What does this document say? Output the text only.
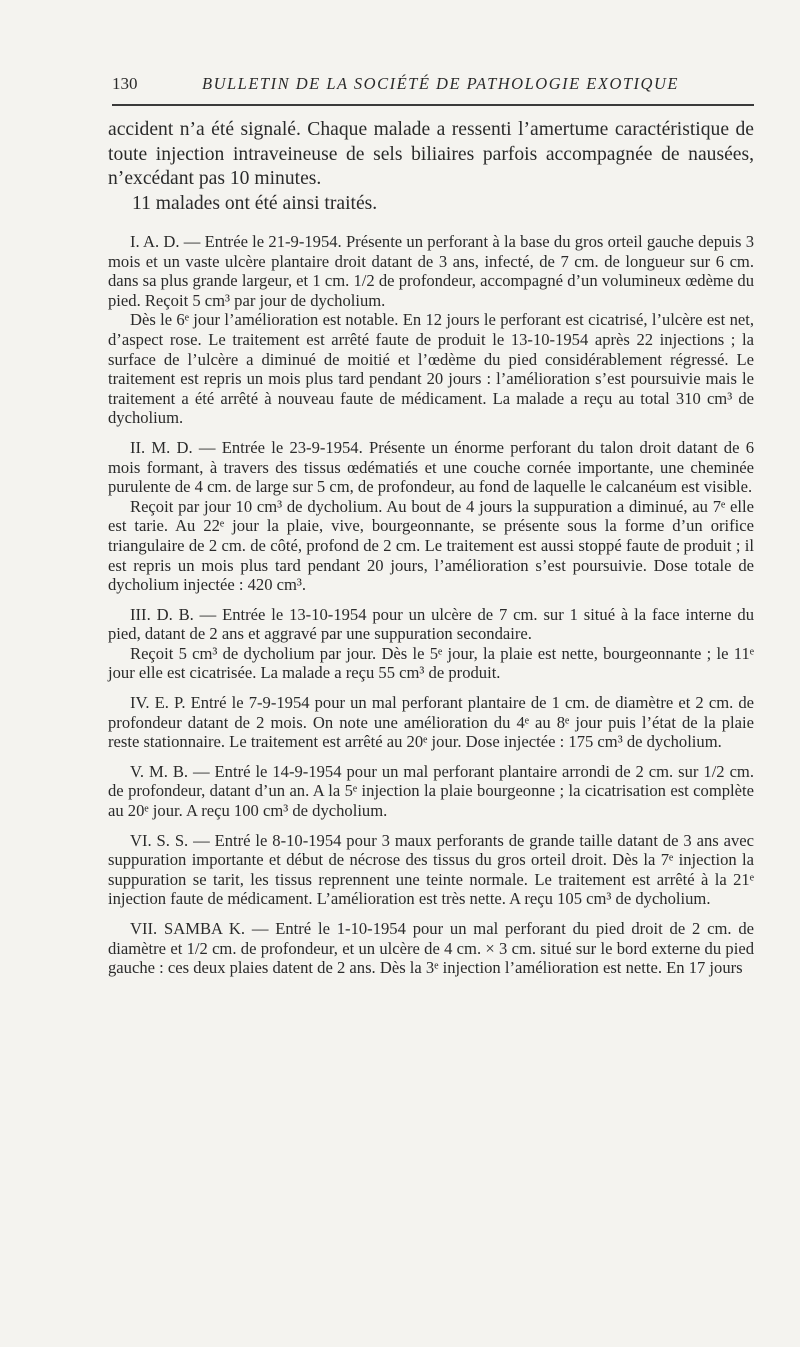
130	BULLETIN DE LA SOCIÉTÉ DE PATHOLOGIE EXOTIQUE

accident n’a été signalé. Chaque malade a ressenti l’amertume caractéristique de toute injection intraveineuse de sels biliaires parfois accompagnée de nausées, n’excédant pas 10 minutes.

11 malades ont été ainsi traités.

I. A. D. — Entrée le 21-9-1954. Présente un perforant à la base du gros orteil gauche depuis 3 mois et un vaste ulcère plantaire droit datant de 3 ans, infecté, de 7 cm. de longueur sur 6 cm. dans sa plus grande largeur, et 1 cm. 1/2 de profondeur, accompagné d’un volumineux œdème du pied. Reçoit 5 cm³ par jour de dycholium.

Dès le 6ᵉ jour l’amélioration est notable. En 12 jours le perforant est cicatrisé, l’ulcère est net, d’aspect rose. Le traitement est arrêté faute de produit le 13-10-1954 après 22 injections ; la surface de l’ulcère a diminué de moitié et l’œdème du pied considérablement régressé. Le traitement est repris un mois plus tard pendant 20 jours : l’amélioration s’est poursuivie mais le traitement a été arrêté à nouveau faute de médicament. La malade a reçu au total 310 cm³ de dycholium.

II. M. D. — Entrée le 23-9-1954. Présente un énorme perforant du talon droit datant de 6 mois formant, à travers des tissus œdématiés et une couche cornée importante, une cheminée purulente de 4 cm. de large sur 5 cm, de profondeur, au fond de laquelle le calcanéum est visible.

Reçoit par jour 10 cm³ de dycholium. Au bout de 4 jours la suppuration a diminué, au 7ᵉ elle est tarie. Au 22ᵉ jour la plaie, vive, bourgeonnante, se présente sous la forme d’un orifice triangulaire de 2 cm. de côté, profond de 2 cm. Le traitement est aussi stoppé faute de produit ; il est repris un mois plus tard pendant 20 jours, l’amélioration s’est poursuivie. Dose totale de dycholium injectée : 420 cm³.

III. D. B. — Entrée le 13-10-1954 pour un ulcère de 7 cm. sur 1 situé à la face interne du pied, datant de 2 ans et aggravé par une suppuration secondaire.

Reçoit 5 cm³ de dycholium par jour. Dès le 5ᵉ jour, la plaie est nette, bourgeonnante ; le 11ᵉ jour elle est cicatrisée. La malade a reçu 55 cm³ de produit.

IV. E. P. Entré le 7-9-1954 pour un mal perforant plantaire de 1 cm. de diamètre et 2 cm. de profondeur datant de 2 mois. On note une amélioration du 4ᵉ au 8ᵉ jour puis l’état de la plaie reste stationnaire. Le traitement est arrêté au 20ᵉ jour. Dose injectée : 175 cm³ de dycholium.

V. M. B. — Entré le 14-9-1954 pour un mal perforant plantaire arrondi de 2 cm. sur 1/2 cm. de profondeur, datant d’un an. A la 5ᵉ injection la plaie bourgeonne ; la cicatrisation est complète au 20ᵉ jour. A reçu 100 cm³ de dycholium.

VI. S. S. — Entré le 8-10-1954 pour 3 maux perforants de grande taille datant de 3 ans avec suppuration importante et début de nécrose des tissus du gros orteil droit. Dès la 7ᵉ injection la suppuration se tarit, les tissus reprennent une teinte normale. Le traitement est arrêté à la 21ᵉ injection faute de médicament. L’amélioration est très nette. A reçu 105 cm³ de dycholium.

VII. SAMBA K. — Entré le 1-10-1954 pour un mal perforant du pied droit de 2 cm. de diamètre et 1/2 cm. de profondeur, et un ulcère de 4 cm. × 3 cm. situé sur le bord externe du pied gauche : ces deux plaies datent de 2 ans. Dès la 3ᵉ injection l’amélioration est nette. En 17 jours
